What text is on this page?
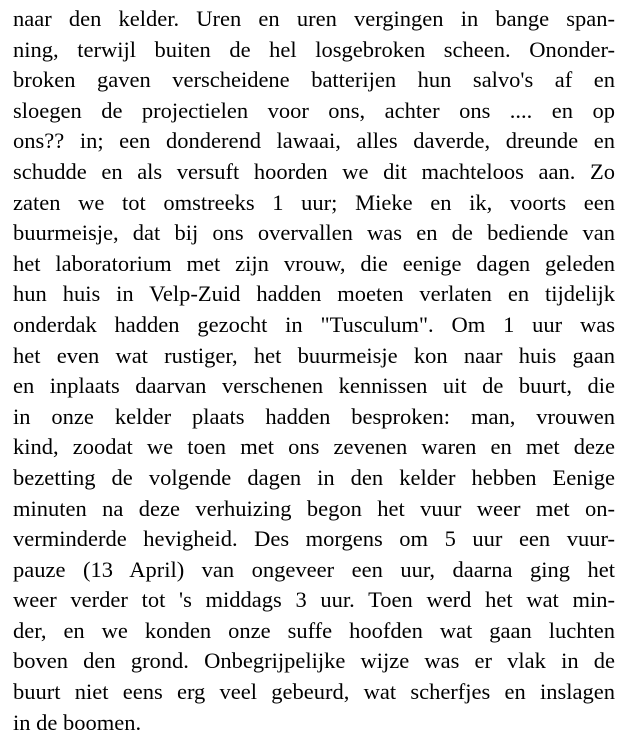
naar den kelder. Uren en uren vergingen in bange span-
ning, terwijl buiten de hel losgebroken scheen. Ononder-
broken gaven verscheidene batterijen hun salvo's af en
sloegen de projectielen voor ons, achter ons .... en op
ons?? in; een donderend lawaai, alles daverde, dreunde en
schudde en als versuft hoorden we dit machteloos aan. Zo
zaten we tot omstreeks 1 uur; Mieke en ik, voorts een
buurmeisje, dat bij ons overvallen was en de bediende van
het laboratorium met zijn vrouw, die eenige dagen geleden
hun huis in Velp-Zuid hadden moeten verlaten en tijdelijk
onderdak hadden gezocht in "Tusculum". Om 1 uur was
het even wat rustiger, het buurmeisje kon naar huis gaan
en inplaats daarvan verschenen kennissen uit de buurt, die
in onze kelder plaats hadden besproken: man, vrouwen
kind, zoodat we toen met ons zevenen waren en met deze
bezetting de volgende dagen in den kelder hebben Eenige
minuten na deze verhuizing begon het vuur weer met on-
verminderde hevigheid. Des morgens om 5 uur een vuur-
pauze (13 April) van ongeveer een uur, daarna ging het
weer verder tot 's middags 3 uur. Toen werd het wat min-
der, en we konden onze suffe hoofden wat gaan luchten
boven den grond. Onbegrijpelijke wijze was er vlak in de
buurt niet eens erg veel gebeurd, wat scherfjes en inslagen
in de boomen.
